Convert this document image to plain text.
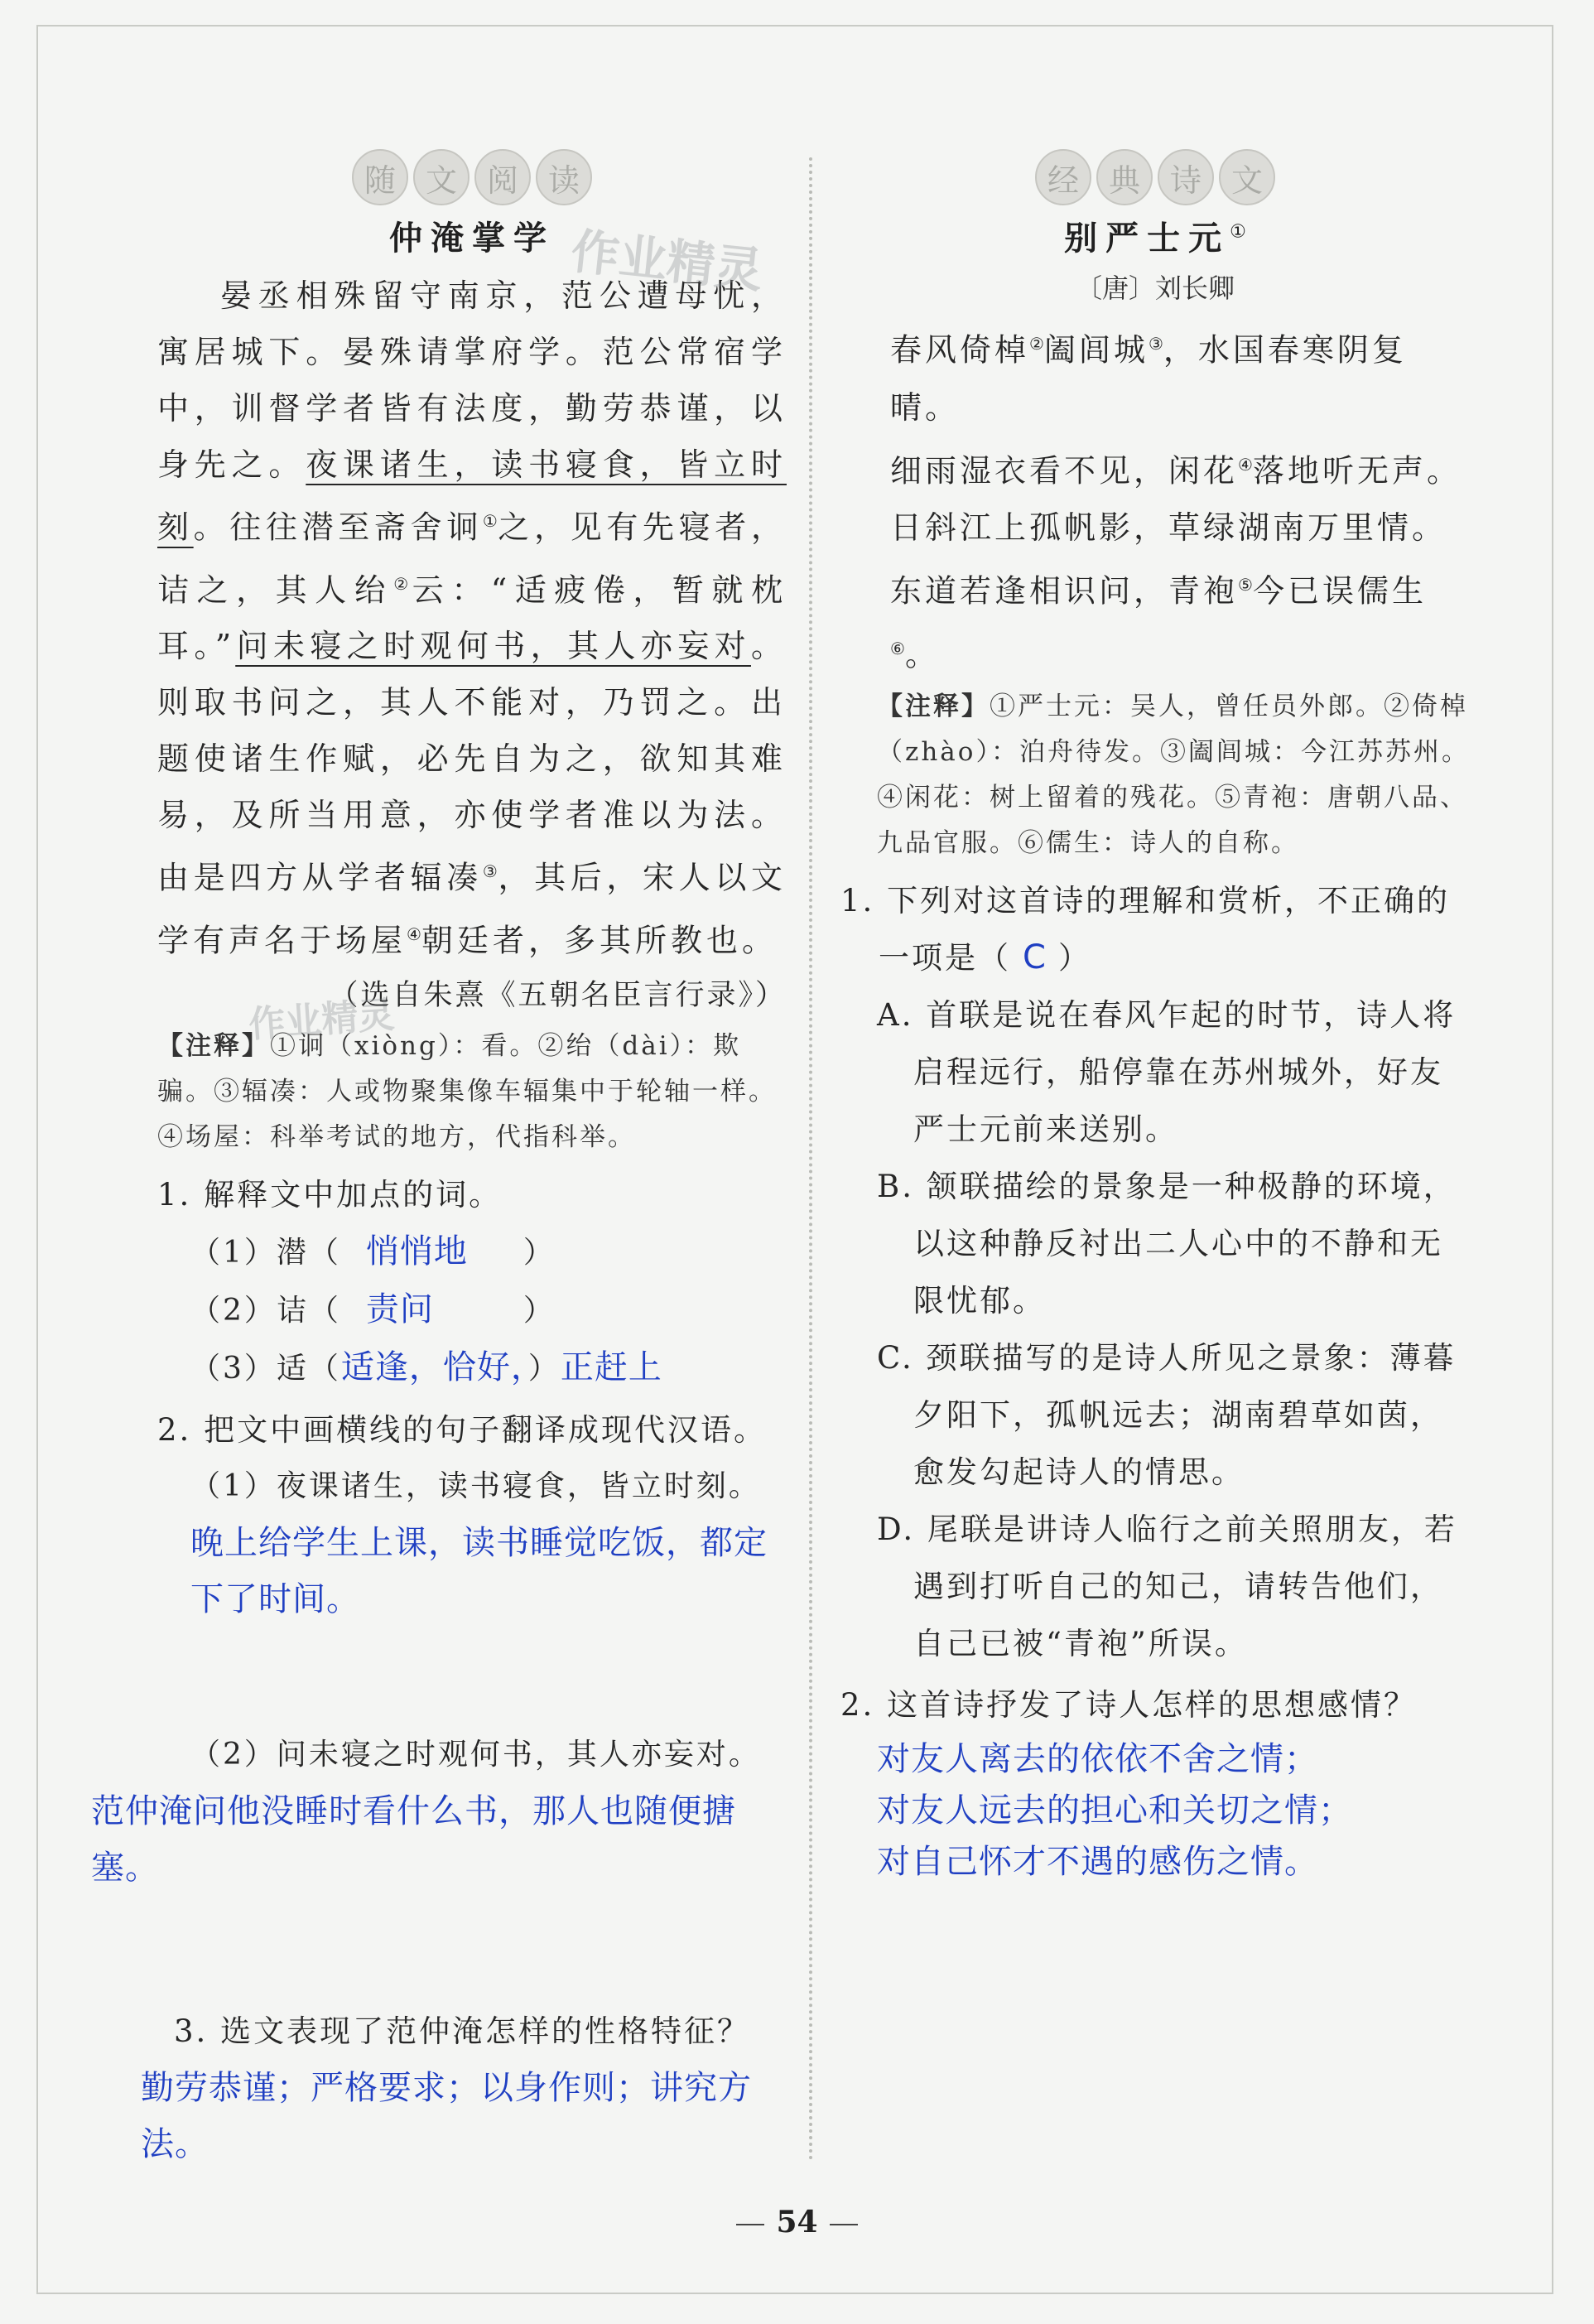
随 文 阅 读
仲淹掌学

晏丞相殊留守南京，范公遭母忧，寓居城下。晏殊请掌府学。范公常宿学中，训督学者皆有法度，勤劳恭谨，以身先之。夜课诸生，读书寝食，皆立时刻。往往潜至斋舍诇①之，见有先寝者，诘之，其人绐②云：“适疲倦，暂就枕耳。”问未寝之时观何书，其人亦妄对。则取书问之，其人不能对，乃罚之。出题使诸生作赋，必先自为之，欲知其难易，及所当用意，亦使学者准以为法。由是四方从学者辐凑③，其后，宋人以文学有声名于场屋④朝廷者，多其所教也。

（选自朱熹《五朝名臣言行录》）

【注释】①诇（xiòng）：看。②绐（dài）：欺骗。③辐凑：人或物聚集像车辐集中于轮轴一样。④场屋：科举考试的地方，代指科举。

1. 解释文中加点的词。
（1）潜（ 悄悄地 ）
（2）诘（ 责问	）
（3）适（适逢，恰好，）正赶上
2. 把文中画横线的句子翻译成现代汉语。
（1）夜课诸生，读书寝食，皆立时刻。
晚上给学生上课，读书睡觉吃饭，都定下了时间。
（2）问未寝之时观何书，其人亦妄对。
范仲淹问他没睡时看什么书，那人也随便搪塞。
3. 选文表现了范仲淹怎样的性格特征？
勤劳恭谨；严格要求；以身作则；讲究方法。
经 典 诗 文
别严士元①
〔唐〕刘长卿

春风倚棹②阖闾城③，水国春寒阴复晴。

细雨湿衣看不见，闲花④落地听无声。

日斜江上孤帆影，草绿湖南万里情。

东道若逢相识问，青袍⑤今已误儒生⑥。

【注释】①严士元：吴人，曾任员外郎。②倚棹（zhào）：泊舟待发。③阖闾城：今江苏苏州。④闲花：树上留着的残花。⑤青袍：唐朝八品、九品官服。⑥儒生：诗人的自称。

1. 下列对这首诗的理解和赏析，不正确的一项是（ C ）

A. 首联是说在春风乍起的时节，诗人将启程远行，船停靠在苏州城外，好友严士元前来送别。

B. 颔联描绘的景象是一种极静的环境，以这种静反衬出二人心中的不静和无限忧郁。

C. 颈联描写的是诗人所见之景象：薄暮夕阳下，孤帆远去；湖南碧草如茵，愈发勾起诗人的情思。

D. 尾联是讲诗人临行之前关照朋友，若遇到打听自己的知己，请转告他们，自己已被“青袍”所误。

2. 这首诗抒发了诗人怎样的思想感情？
对友人离去的依依不舍之情；
对友人远去的担心和关切之情；
对自己怀才不遇的感伤之情。
作业精灵
作业精灵
54
